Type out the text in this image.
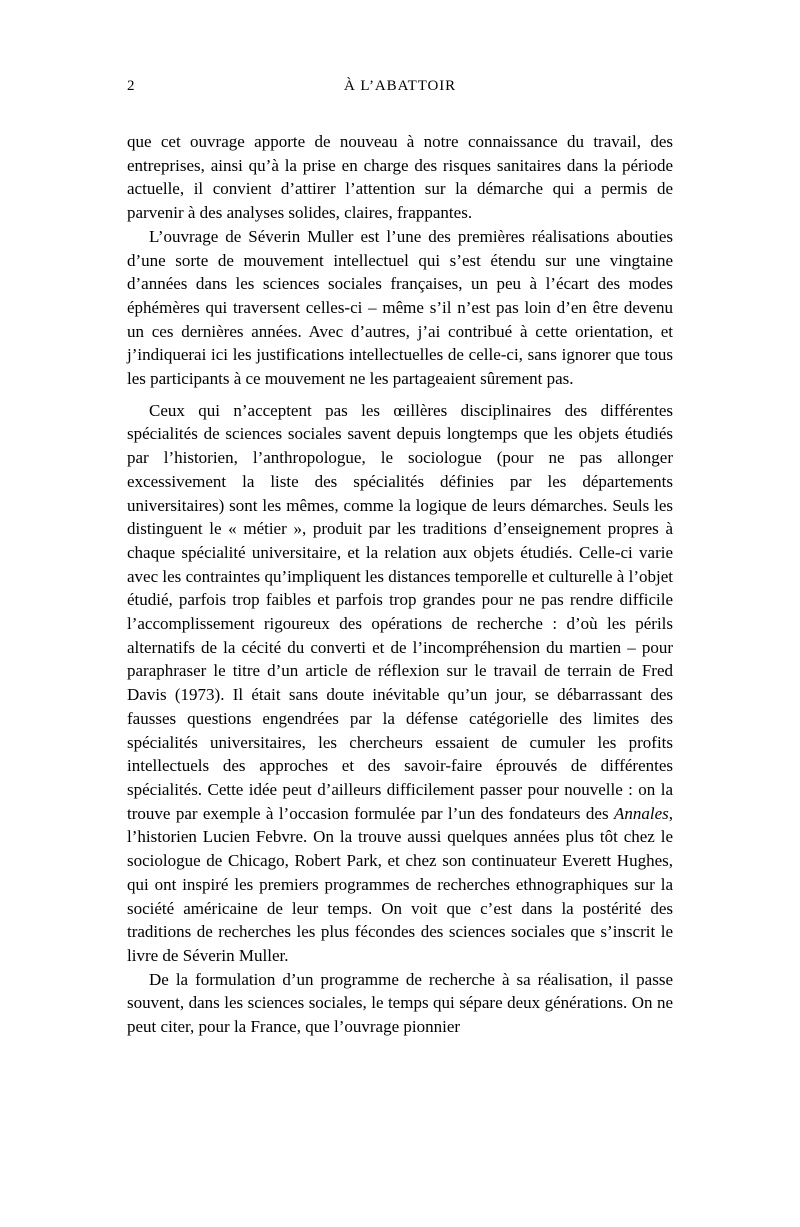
2	À L’ABATTOIR

que cet ouvrage apporte de nouveau à notre connaissance du travail, des entreprises, ainsi qu’à la prise en charge des risques sanitaires dans la période actuelle, il convient d’attirer l’attention sur la démarche qui a permis de parvenir à des analyses solides, claires, frappantes.

L’ouvrage de Séverin Muller est l’une des premières réalisations abouties d’une sorte de mouvement intellectuel qui s’est étendu sur une vingtaine d’années dans les sciences sociales françaises, un peu à l’écart des modes éphémères qui traversent celles-ci – même s’il n’est pas loin d’en être devenu un ces dernières années. Avec d’autres, j’ai contribué à cette orientation, et j’indiquerai ici les justifications intellectuelles de celle-ci, sans ignorer que tous les participants à ce mouvement ne les partageaient sûrement pas.

Ceux qui n’acceptent pas les œillères disciplinaires des différentes spécialités de sciences sociales savent depuis longtemps que les objets étudiés par l’historien, l’anthropologue, le sociologue (pour ne pas allonger excessivement la liste des spécialités définies par les départements universitaires) sont les mêmes, comme la logique de leurs démarches. Seuls les distinguent le « métier », produit par les traditions d’enseignement propres à chaque spécialité universitaire, et la relation aux objets étudiés. Celle-ci varie avec les contraintes qu’impliquent les distances temporelle et culturelle à l’objet étudié, parfois trop faibles et parfois trop grandes pour ne pas rendre difficile l’accomplissement rigoureux des opérations de recherche : d’où les périls alternatifs de la cécité du converti et de l’incompréhension du martien – pour paraphraser le titre d’un article de réflexion sur le travail de terrain de Fred Davis (1973). Il était sans doute inévitable qu’un jour, se débarrassant des fausses questions engendrées par la défense catégorielle des limites des spécialités universitaires, les chercheurs essaient de cumuler les profits intellectuels des approches et des savoir-faire éprouvés de différentes spécialités. Cette idée peut d’ailleurs difficilement passer pour nouvelle : on la trouve par exemple à l’occasion formulée par l’un des fondateurs des Annales, l’historien Lucien Febvre. On la trouve aussi quelques années plus tôt chez le sociologue de Chicago, Robert Park, et chez son continuateur Everett Hughes, qui ont inspiré les premiers programmes de recherches ethnographiques sur la société américaine de leur temps. On voit que c’est dans la postérité des traditions de recherches les plus fécondes des sciences sociales que s’inscrit le livre de Séverin Muller.

De la formulation d’un programme de recherche à sa réalisation, il passe souvent, dans les sciences sociales, le temps qui sépare deux générations. On ne peut citer, pour la France, que l’ouvrage pionnier
